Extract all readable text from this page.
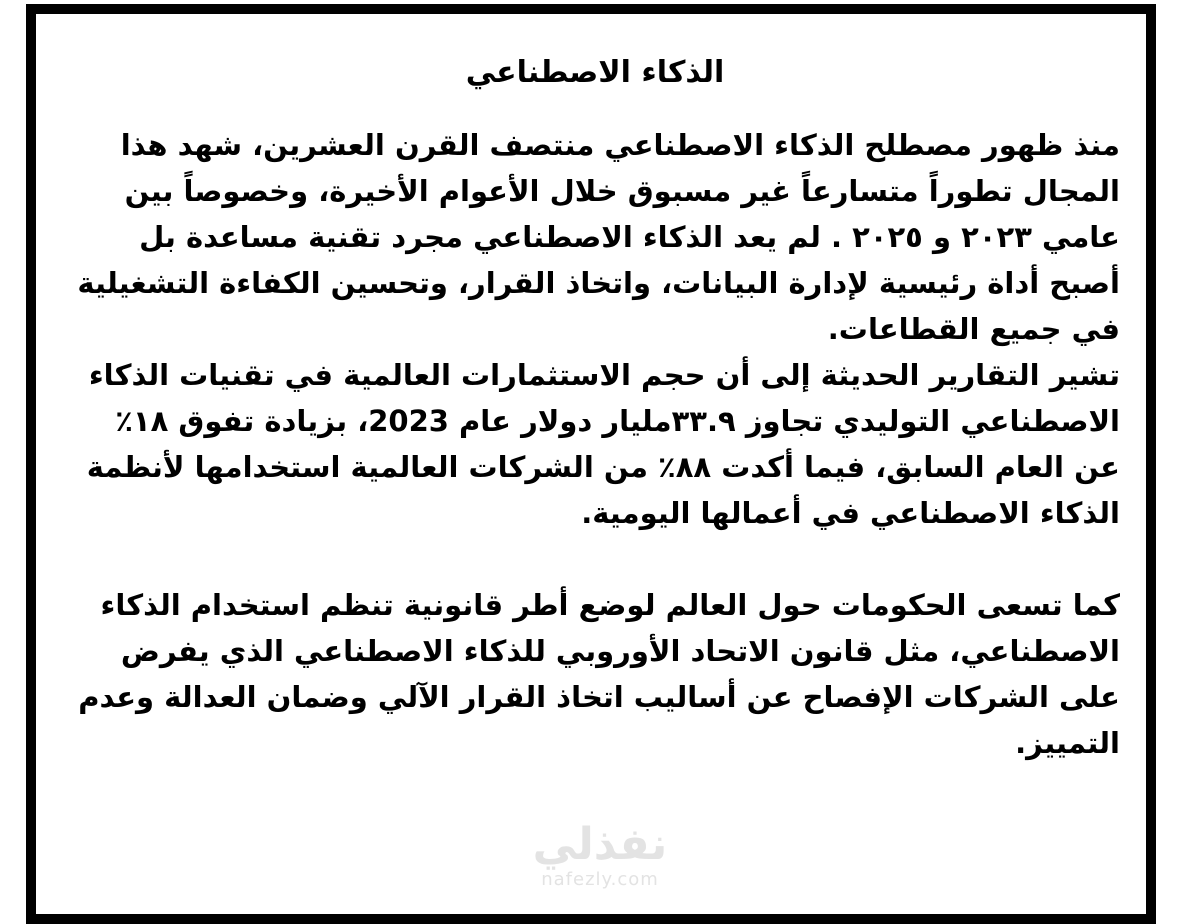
الذكاء الاصطناعي

منذ ظهور مصطلح الذكاء الاصطناعي منتصف القرن العشرين، شهد هذا المجال تطوراً متسارعاً غير مسبوق خلال الأعوام الأخيرة، وخصوصاً بين عامي ٢٠٢٣ و ٢٠٢٥ . لم يعد الذكاء الاصطناعي مجرد تقنية مساعدة بل أصبح أداة رئيسية لإدارة البيانات، واتخاذ القرار، وتحسين الكفاءة التشغيلية في جميع القطاعات.

تشير التقارير الحديثة إلى أن حجم الاستثمارات العالمية في تقنيات الذكاء الاصطناعي التوليدي تجاوز ٣٣.٩مليار دولار عام 2023، بزيادة تفوق ١٨٪ عن العام السابق، فيما أكدت ٨٨٪ من الشركات العالمية استخدامها لأنظمة الذكاء الاصطناعي في أعمالها اليومية.

كما تسعى الحكومات حول العالم لوضع أطر قانونية تنظم استخدام الذكاء الاصطناعي، مثل قانون الاتحاد الأوروبي للذكاء الاصطناعي الذي يفرض على الشركات الإفصاح عن أساليب اتخاذ القرار الآلي وضمان العدالة وعدم التمييز.

نفذلي
nafezly.com
